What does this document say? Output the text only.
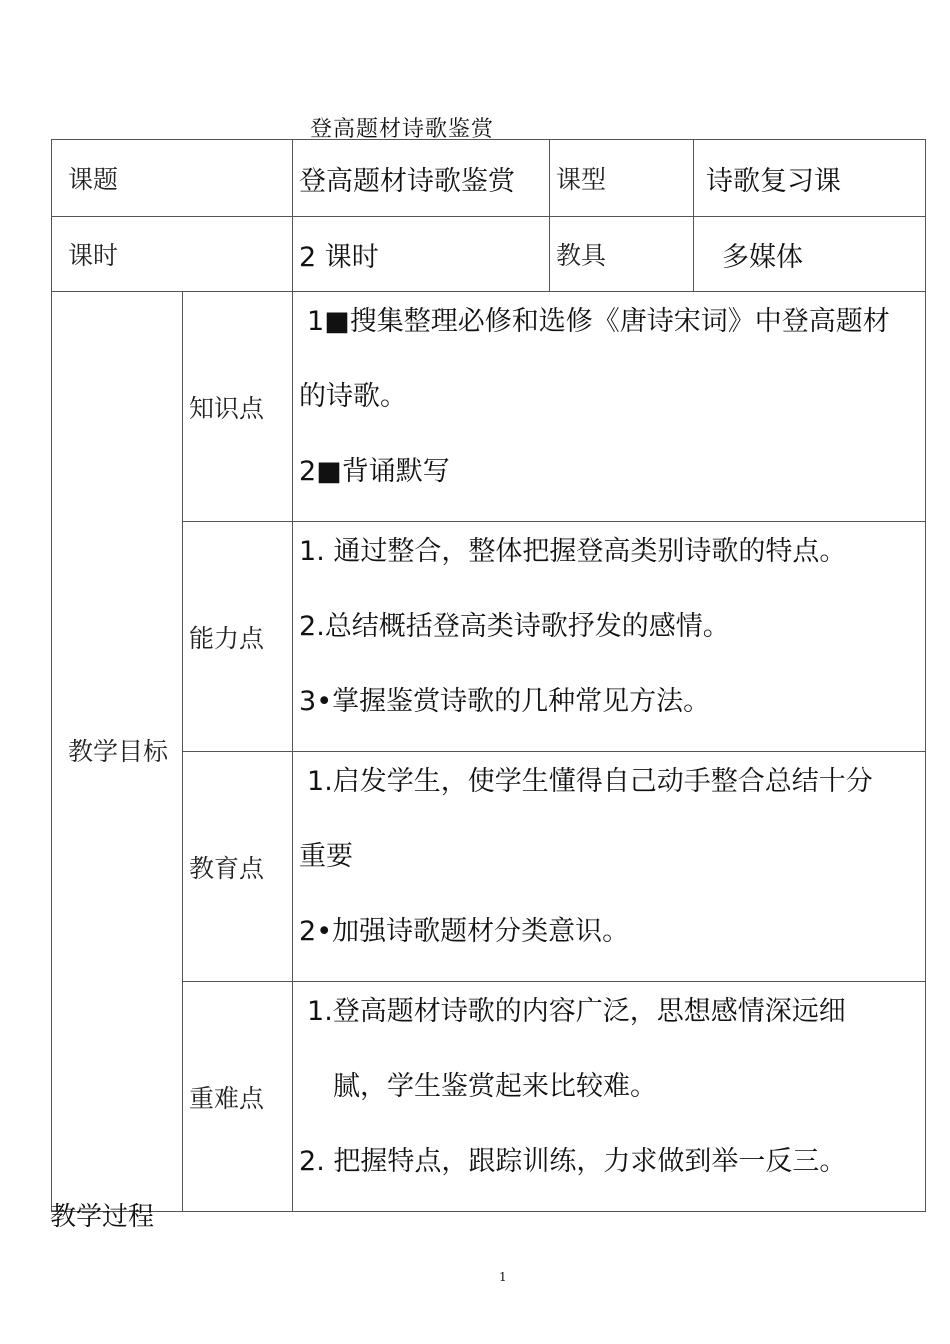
登高题材诗歌鉴赏
课题		登高题材诗歌鉴赏	课型	诗歌复习课
课时		2 课时	教具	多媒体
教学目标	知识点	1■搜集整理必修和选修《唐诗宋词》中登高题材
的诗歌。
2■背诵默写		

	能力点	1. 通过整合，整体把握登高类别诗歌的特点。
2.总结概括登高类诗歌抒发的感情。
3•掌握鉴赏诗歌的几种常见方法。		

	教育点	1.启发学生，使学生懂得自己动手整合总结十分
重要
2•加强诗歌题材分类意识。		

	重难点	1.登高题材诗歌的内容广泛，思想感情深远细
腻，学生鉴赏起来比较难。
2. 把握特点，跟踪训练，力求做到举一反三。		
教学过程
1
